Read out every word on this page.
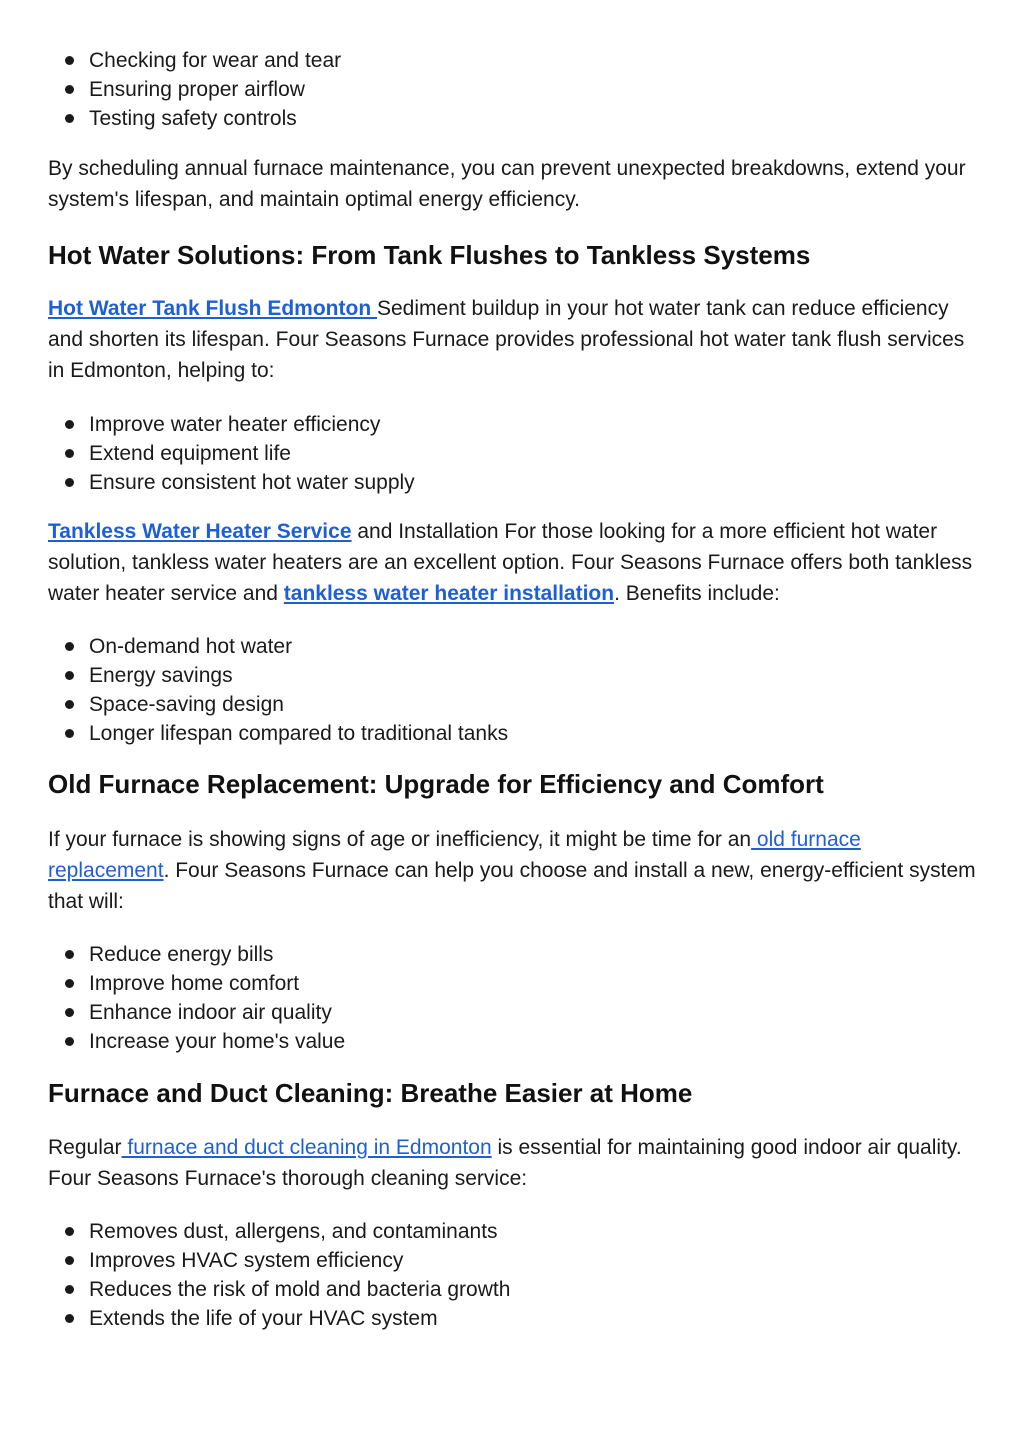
Checking for wear and tear
Ensuring proper airflow
Testing safety controls

By scheduling annual furnace maintenance, you can prevent unexpected breakdowns, extend your system's lifespan, and maintain optimal energy efficiency.

Hot Water Solutions: From Tank Flushes to Tankless Systems

Hot Water Tank Flush Edmonton Sediment buildup in your hot water tank can reduce efficiency and shorten its lifespan. Four Seasons Furnace provides professional hot water tank flush services in Edmonton, helping to:

Improve water heater efficiency
Extend equipment life
Ensure consistent hot water supply

Tankless Water Heater Service and Installation For those looking for a more efficient hot water solution, tankless water heaters are an excellent option. Four Seasons Furnace offers both tankless water heater service and tankless water heater installation. Benefits include:

On-demand hot water
Energy savings
Space-saving design
Longer lifespan compared to traditional tanks
Old Furnace Replacement: Upgrade for Efficiency and Comfort

If your furnace is showing signs of age or inefficiency, it might be time for an old furnace replacement. Four Seasons Furnace can help you choose and install a new, energy-efficient system that will:

Reduce energy bills
Improve home comfort
Enhance indoor air quality
Increase your home's value
Furnace and Duct Cleaning: Breathe Easier at Home

Regular furnace and duct cleaning in Edmonton is essential for maintaining good indoor air quality. Four Seasons Furnace's thorough cleaning service:

Removes dust, allergens, and contaminants
Improves HVAC system efficiency
Reduces the risk of mold and bacteria growth
Extends the life of your HVAC system
